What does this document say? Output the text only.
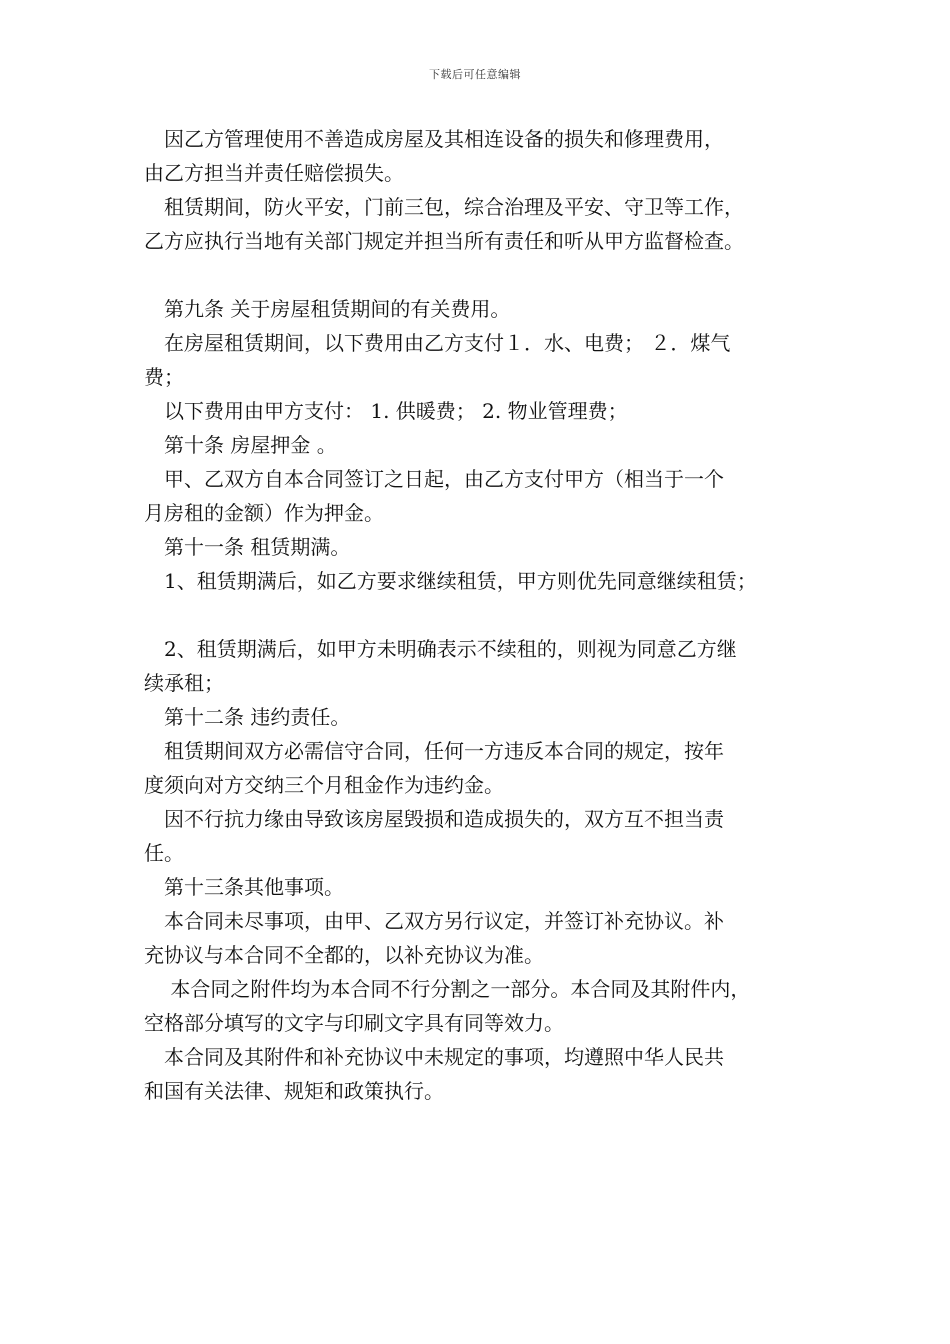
下载后可任意编辑

　因乙方管理使用不善造成房屋及其相连设备的损失和修理费用，
由乙方担当并责任赔偿损失。

　租赁期间，防火平安，门前三包，综合治理及平安、守卫等工作，
乙方应执行当地有关部门规定并担当所有责任和听从甲方监督检查。

　第九条 关于房屋租赁期间的有关费用。

　在房屋租赁期间，以下费用由乙方支付１．水、电费； ２．煤气
费；

　以下费用由甲方支付： 1. 供暖费； 2. 物业管理费；

　第十条 房屋押金 。

　甲、乙双方自本合同签订之日起，由乙方支付甲方（相当于一个
月房租的金额）作为押金。

　第十一条 租赁期满。

　1、租赁期满后，如乙方要求继续租赁，甲方则优先同意继续租赁；

　2、租赁期满后，如甲方未明确表示不续租的，则视为同意乙方继
续承租；

　第十二条 违约责任。

　租赁期间双方必需信守合同，任何一方违反本合同的规定，按年
度须向对方交纳三个月租金作为违约金。

　因不行抗力缘由导致该房屋毁损和造成损失的，双方互不担当责
任。

　第十三条其他事项。

　本合同未尽事项，由甲、乙双方另行议定，并签订补充协议。补
充协议与本合同不全都的，以补充协议为准。

　 本合同之附件均为本合同不行分割之一部分。本合同及其附件内，
空格部分填写的文字与印刷文字具有同等效力。

　本合同及其附件和补充协议中未规定的事项，均遵照中华人民共
和国有关法律、规矩和政策执行。
